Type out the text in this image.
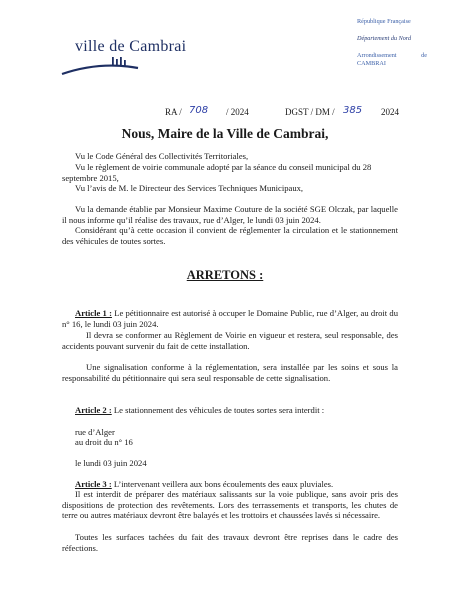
ville de Cambrai
République Française
Département du Nord
Arrondissement de CAMBRAI
RA / 708 / 2024	DGST / DM / 385 2024
Nous, Maire de la Ville de Cambrai,
Vu le Code Général des Collectivités Territoriales,
Vu le règlement de voirie communale adopté par la séance du conseil municipal du 28 septembre 2015,
Vu l’avis de M. le Directeur des Services Techniques Municipaux,
Vu la demande établie par Monsieur Maxime Couture de la société SGE Olczak, par laquelle il nous informe qu’il réalise des travaux, rue d’Alger, le lundi 03 juin 2024.
Considérant qu’à cette occasion il convient de réglementer la circulation et le stationnement des véhicules de toutes sortes.
ARRETONS :
Article 1 : Le pétitionnaire est autorisé à occuper le Domaine Public, rue d’Alger, au droit du n° 16, le lundi 03 juin 2024.
Il devra se conformer au Règlement de Voirie en vigueur et restera, seul responsable, des accidents pouvant survenir du fait de cette installation.
Une signalisation conforme à la réglementation, sera installée par les soins et sous la responsabilité du pétitionnaire qui sera seul responsable de cette signalisation.
Article 2 : Le stationnement des véhicules de toutes sortes sera interdit :
rue d’Alger
au droit du n° 16
le lundi 03 juin 2024
Article 3 : L’intervenant veillera aux bons écoulements des eaux pluviales.
Il est interdit de préparer des matériaux salissants sur la voie publique, sans avoir pris des dispositions de protection des revêtements. Lors des terrassements et transports, les chutes de terre ou autres matériaux devront être balayés et les trottoirs et chaussées lavés si nécessaire.
Toutes les surfaces tachées du fait des travaux devront être reprises dans le cadre des réfections.
